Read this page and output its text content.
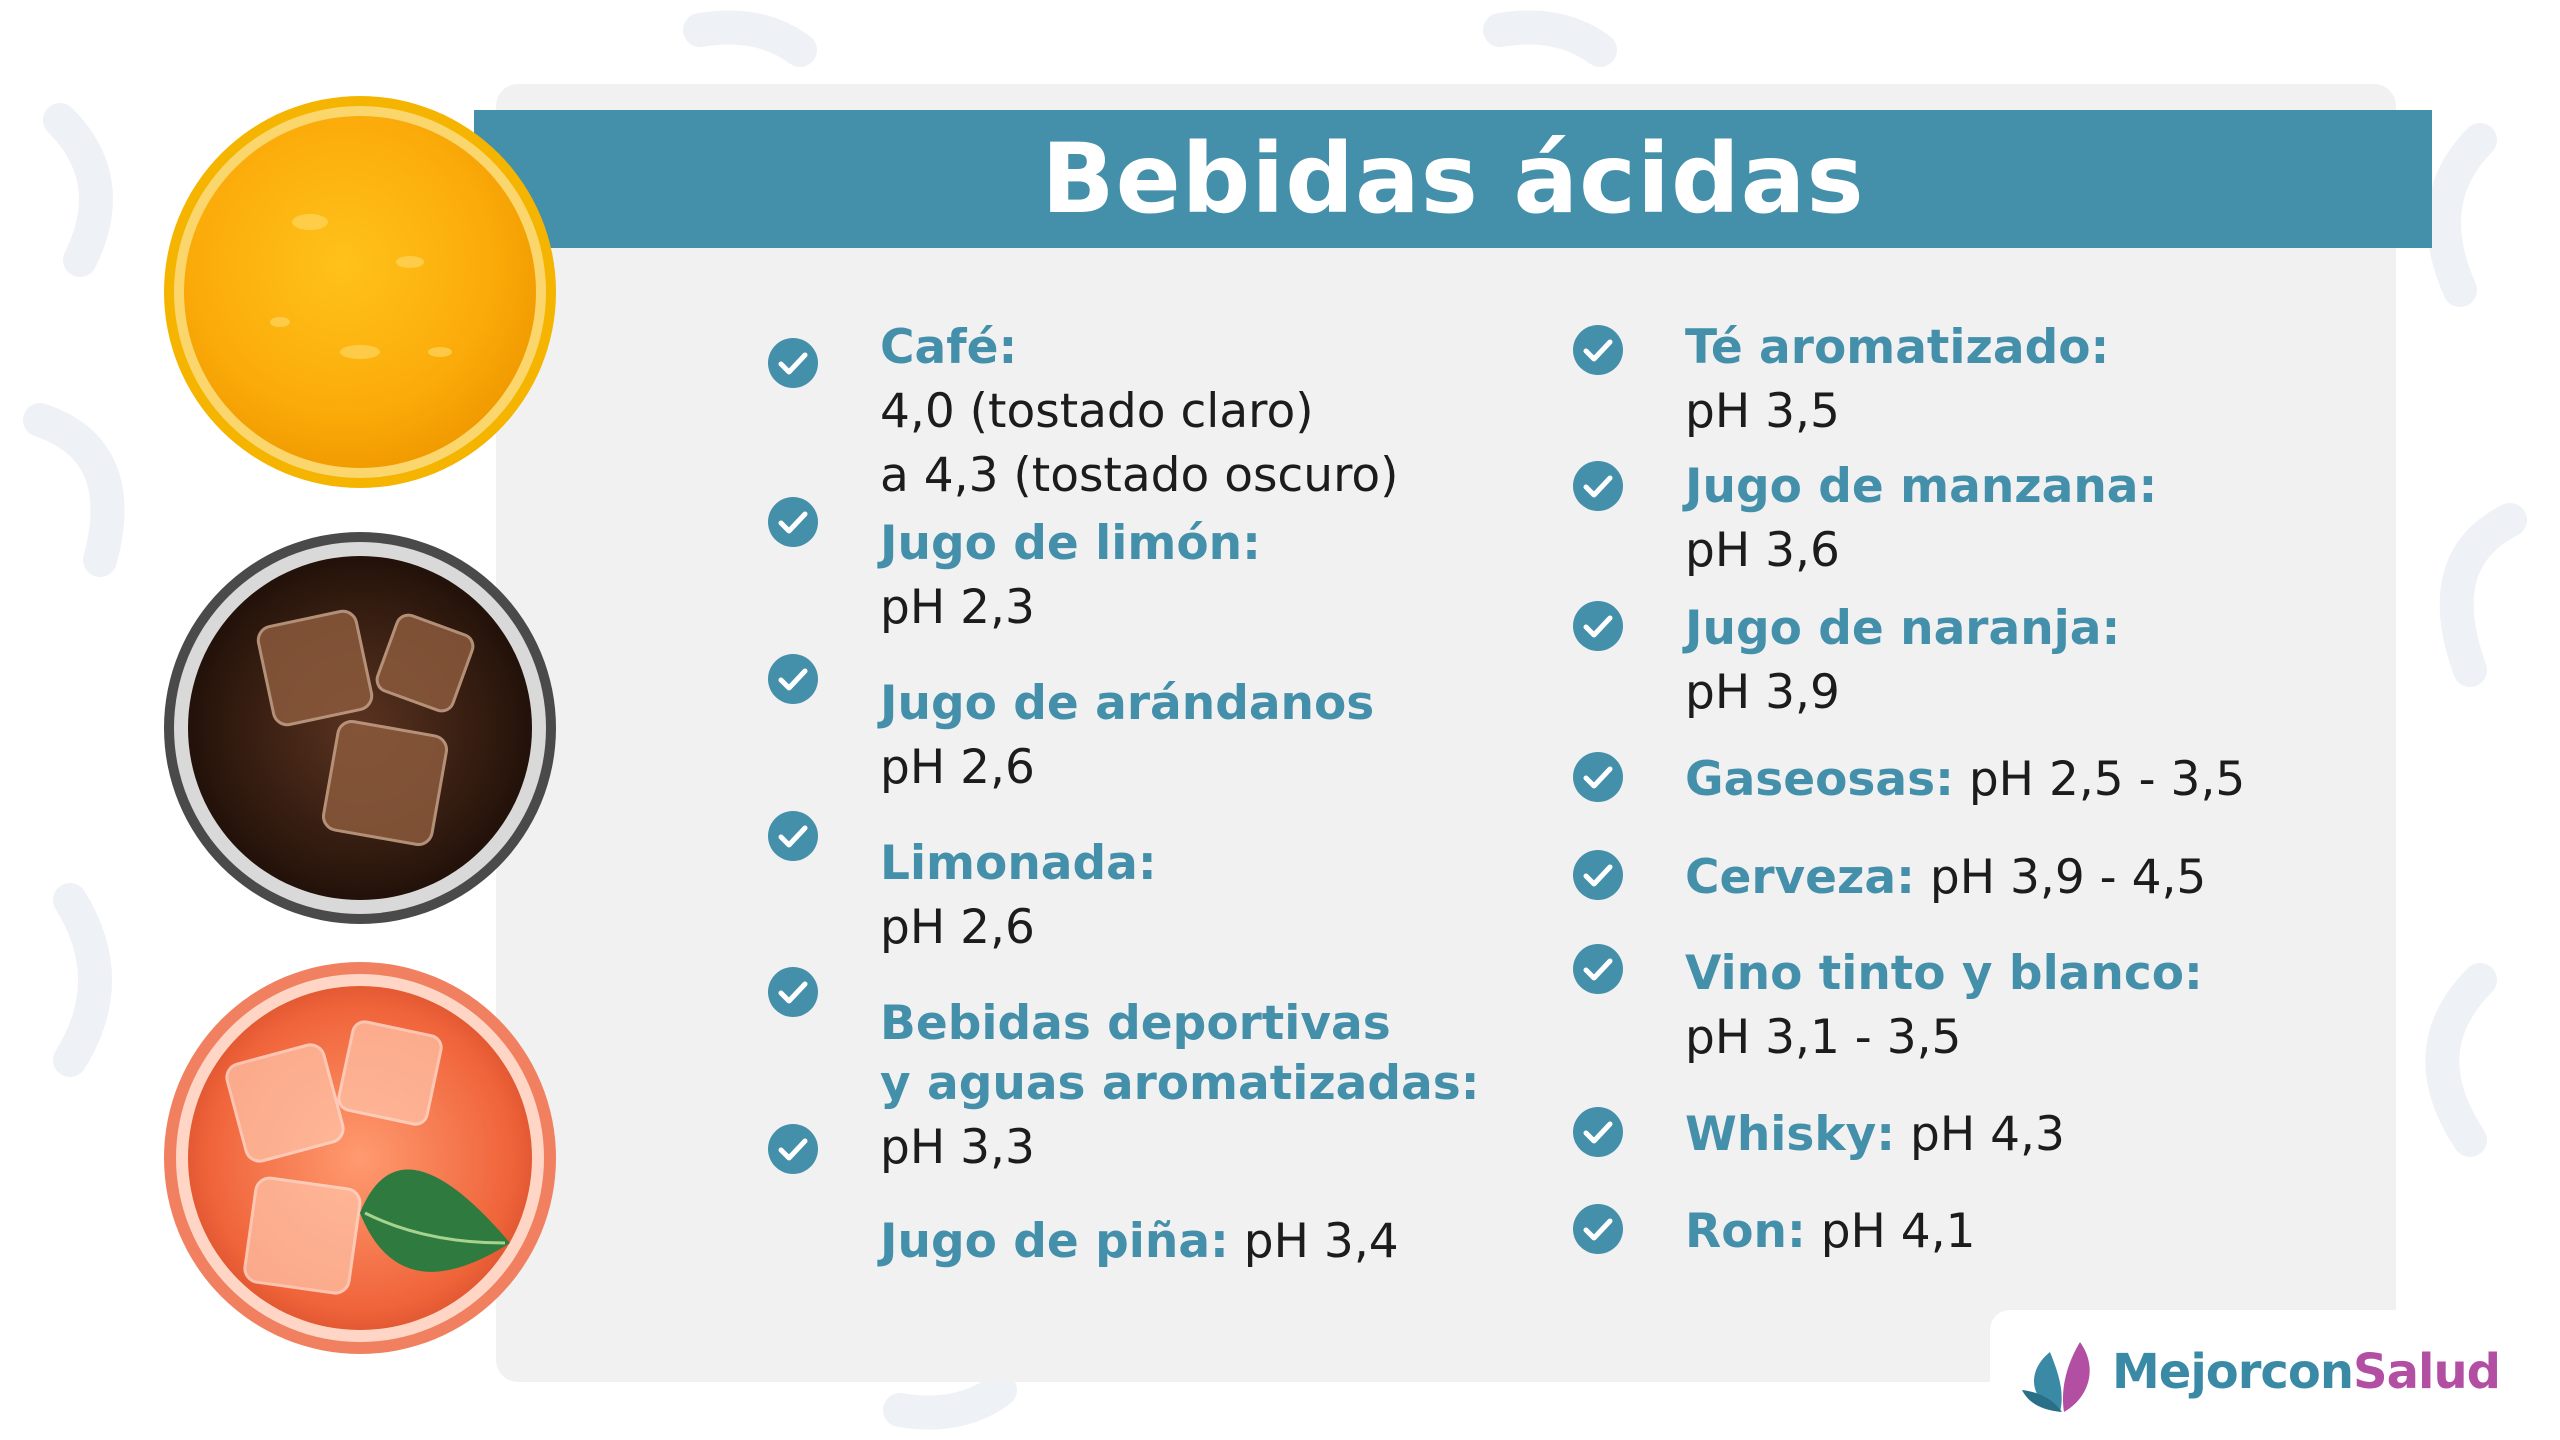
Bebidas ácidas
Café:
4,0 (tostado claro)
a 4,3 (tostado oscuro)
Jugo de limón:
pH 2,3
Jugo de arándanos
pH 2,6
Limonada:
pH 2,6
Bebidas deportivas
y aguas aromatizadas:
pH 3,3
Jugo de piña: pH 3,4
Té aromatizado:
pH 3,5
Jugo de manzana:
pH 3,6
Jugo de naranja:
pH 3,9
Gaseosas: pH 2,5 - 3,5
Cerveza: pH 3,9 - 4,5
Vino tinto y blanco:
pH 3,1 - 3,5
Whisky: pH 4,3
Ron: pH 4,1
MejorconSalud
